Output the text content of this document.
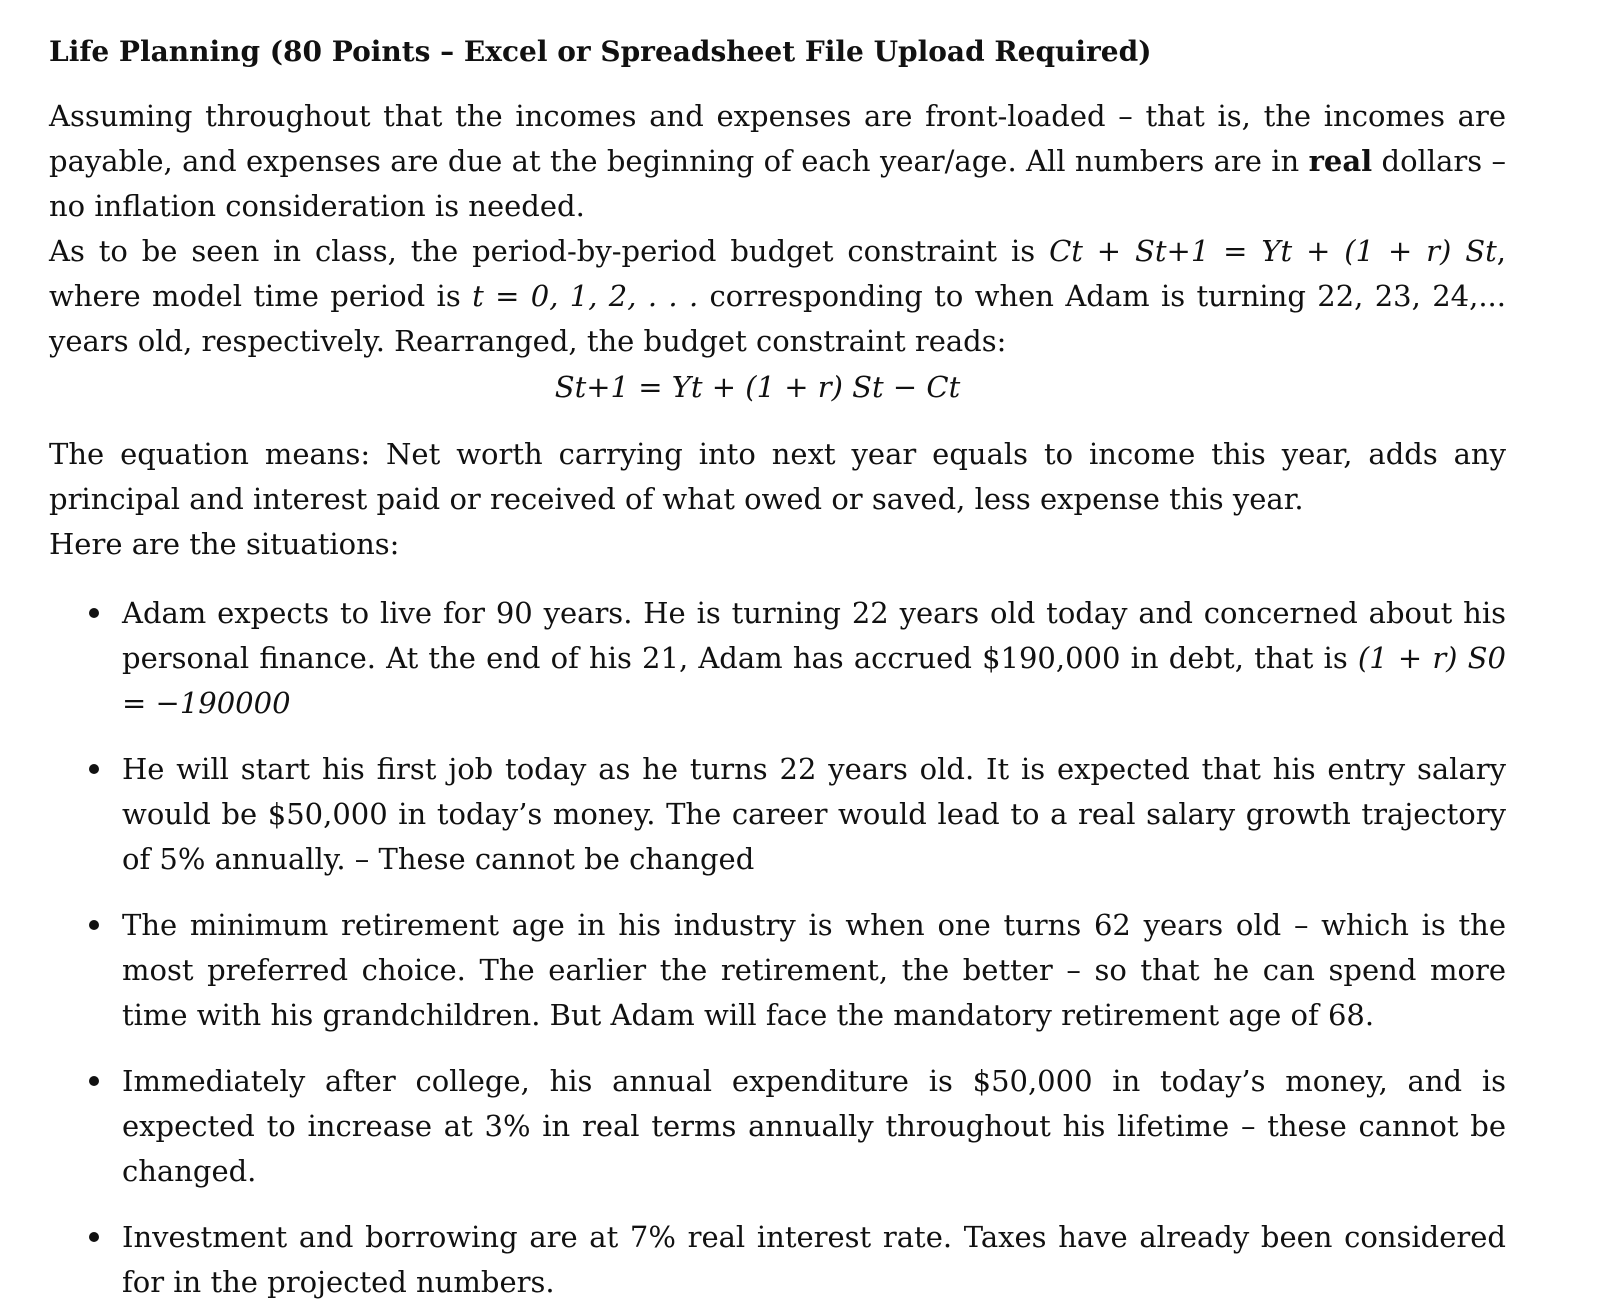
Life Planning (80 Points – Excel or Spreadsheet File Upload Required)

Assuming throughout that the incomes and expenses are front-loaded – that is, the incomes are payable, and expenses are due at the beginning of each year/age. All numbers are in real dollars – no inflation consideration is needed.

As to be seen in class, the period-by-period budget constraint is Ct + St+1 = Yt + (1 + r) St, where model time period is t = 0, 1, 2, . . . corresponding to when Adam is turning 22, 23, 24,... years old, respectively. Rearranged, the budget constraint reads:

St+1 = Yt + (1 + r) St − Ct

The equation means: Net worth carrying into next year equals to income this year, adds any principal and interest paid or received of what owed or saved, less expense this year.

Here are the situations:

Adam expects to live for 90 years. He is turning 22 years old today and concerned about his personal finance. At the end of his 21, Adam has accrued $190,000 in debt, that is (1 + r) S0 = −190000
He will start his first job today as he turns 22 years old. It is expected that his entry salary would be $50,000 in today’s money. The career would lead to a real salary growth trajectory of 5% annually. – These cannot be changed
The minimum retirement age in his industry is when one turns 62 years old – which is the most preferred choice. The earlier the retirement, the better – so that he can spend more time with his grandchildren. But Adam will face the mandatory retirement age of 68.
Immediately after college, his annual expenditure is $50,000 in today’s money, and is expected to increase at 3% in real terms annually throughout his lifetime – these cannot be changed.
Investment and borrowing are at 7% real interest rate. Taxes have already been considered for in the projected numbers.
